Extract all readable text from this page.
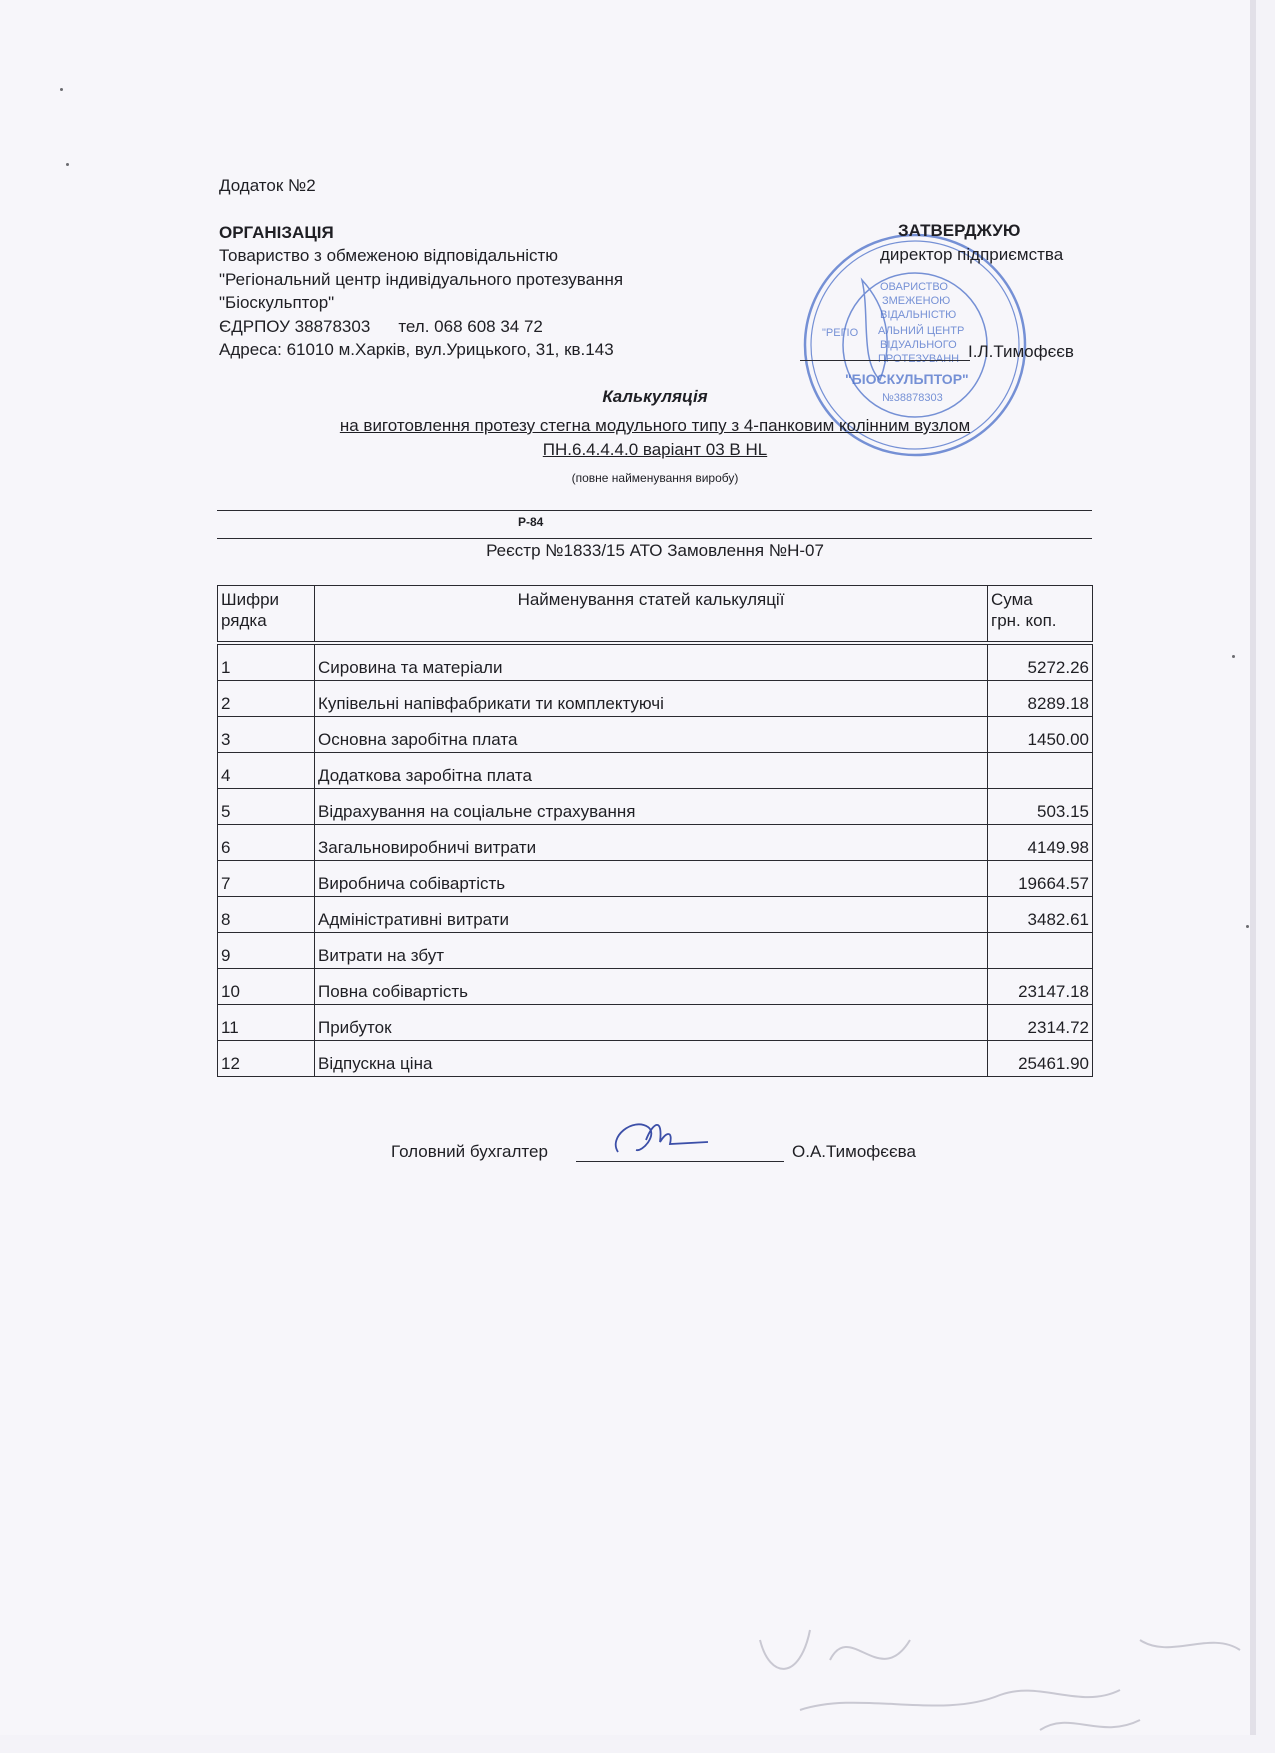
Додаток №2
ОРГАНІЗАЦІЯ
Товариство з обмеженою відповідальністю
"Регіональний центр індивідуального протезування
"Біоскульптор"
ЄДРПОУ 38878303 тел. 068 608 34 72
Адреса: 61010 м.Харків, вул.Урицького, 31, кв.143
ОВАРИСТВО
ЗМЕЖЕНОЮ
ВІДАЛЬНІСТЮ
"РЕГІО АЛЬНИЙ ЦЕНТР
ВІДУАЛЬНОГО
ПРОТЕЗУВАНН
"БІОСКУЛЬПТОР"
№38878303
ЗАТВЕРДЖУЮ
директор підприємства
І.Л.Тимофєєв
Калькуляція
на виготовлення протезу стегна модульного типу з 4-панковим колінним вузлом
ПН.6.4.4.4.0 варіант 03 В НL
(повне найменування виробу)
Р-84
Реєстр №1833/15 АТО Замовлення №Н-07
Шифри
рядка	Найменування статей калькуляції	Сума
грн. коп.

1	Сировина та матеріали	5272.26
2	Купівельні напівфабрикати ти комплектуючі	8289.18
3	Основна заробітна плата	1450.00
4	Додаткова заробітна плата	
5	Відрахування на соціальне страхування	503.15
6	Загальновиробничі витрати	4149.98
7	Виробнича собівартість	19664.57
8	Адміністративні витрати	3482.61
9	Витрати на збут	
10	Повна собівартість	23147.18
11	Прибуток	2314.72
12	Відпускна ціна	25461.90
Головний бухгалтер	О.А.Тимофєєва
